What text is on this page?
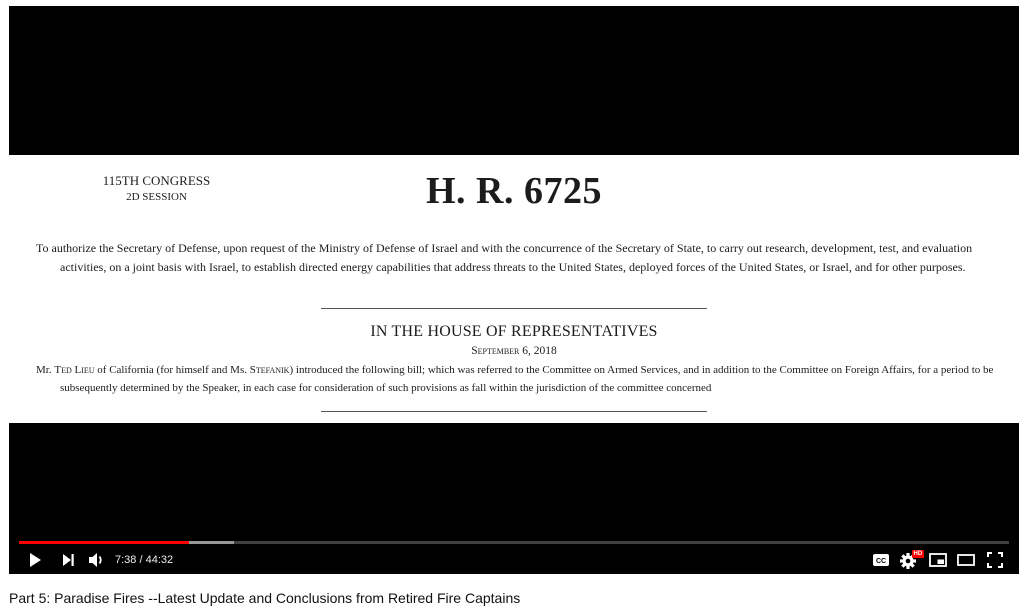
115TH CONGRESS
2D SESSION	H. R. 6725
To authorize the Secretary of Defense, upon request of the Ministry of Defense of Israel and with the concurrence of the Secretary of State, to carry out research, development, test, and evaluation activities, on a joint basis with Israel, to establish directed energy capabilities that address threats to the United States, deployed forces of the United States, or Israel, and for other purposes.
IN THE HOUSE OF REPRESENTATIVES
September 6, 2018
Mr. Ted Lieu of California (for himself and Ms. Stefanik) introduced the following bill; which was referred to the Committee on Armed Services, and in addition to the Committee on Foreign Affairs, for a period to be subsequently determined by the Speaker, in each case for consideration of such provisions as fall within the jurisdiction of the committee concerned
7:38 / 44:32	CC
HD
Part 5: Paradise Fires --Latest Update and Conclusions from Retired Fire Captains
